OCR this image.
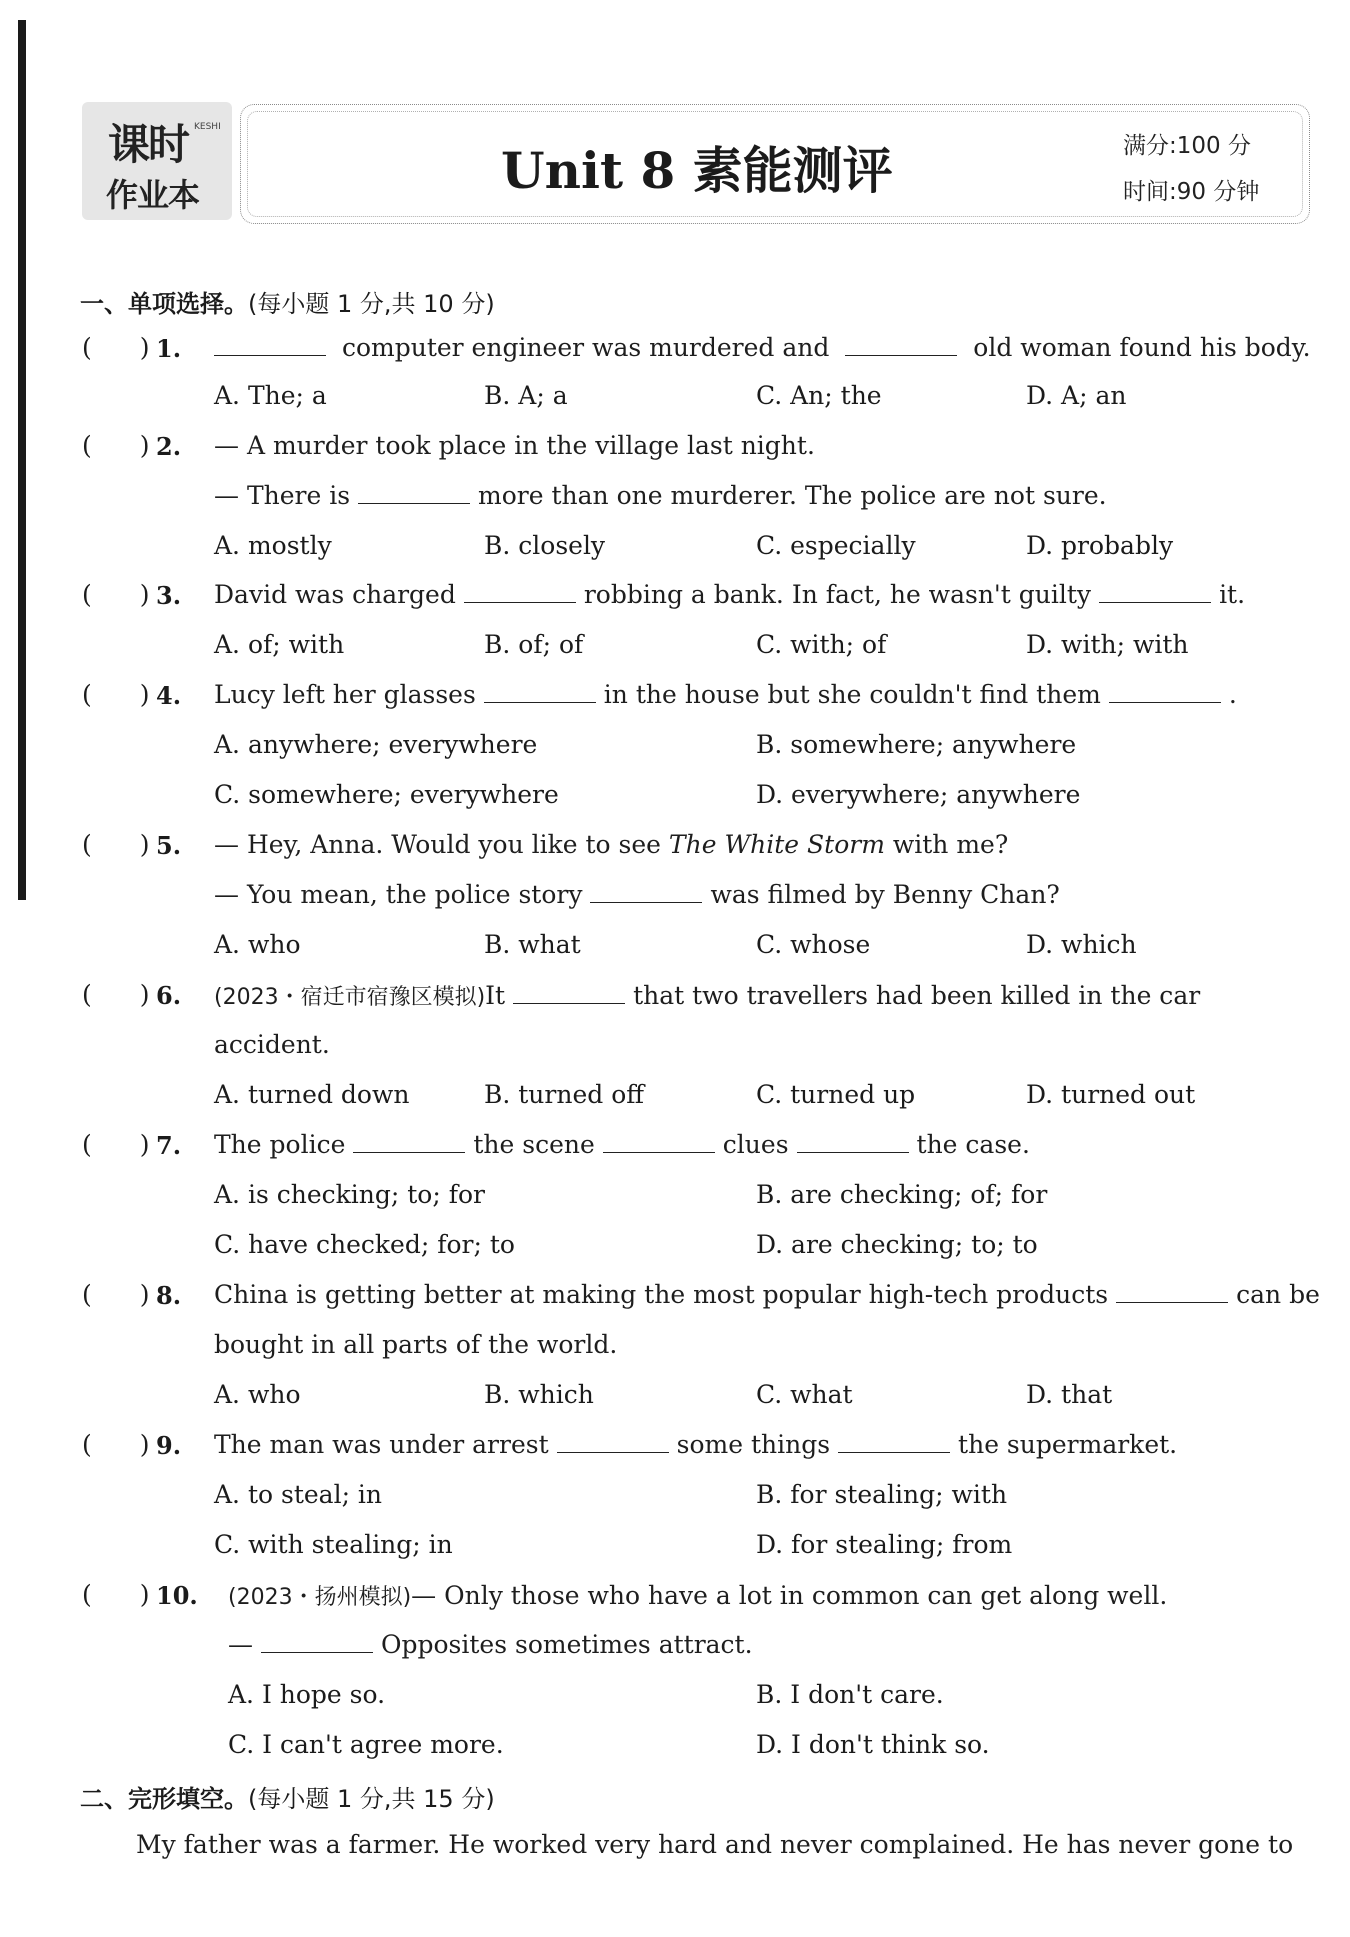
课时 KESHI
作业本	Unit 8 素能测评	满分:100 分
时间:90 分钟
一、单项选择。(每小题 1 分,共 10 分)
( ) 1.	computer engineer was murdered and	old woman found his body.
A. The; a	B. A; a	C. An; the	D. A; an
( ) 2. — A murder took place in the village last night.
— There is	more than one murderer. The police are not sure.
A. mostly	B. closely	C. especially	D. probably
( ) 3. David was charged	robbing a bank. In fact, he wasn't guilty	it.
A. of; with	B. of; of	C. with; of	D. with; with
( ) 4. Lucy left her glasses	in the house but she couldn't find them	.
A. anywhere; everywhere	B. somewhere; anywhere
C. somewhere; everywhere	D. everywhere; anywhere
( ) 5. — Hey, Anna. Would you like to see The White Storm with me?
— You mean, the police story	was filmed by Benny Chan?
A. who	B. what	C. whose	D. which
( ) 6. (2023・宿迁市宿豫区模拟)It	that two travellers had been killed in the car
accident.
A. turned down	B. turned off	C. turned up	D. turned out
( ) 7. The police	the scene	clues	the case.
A. is checking; to; for	B. are checking; of; for
C. have checked; for; to	D. are checking; to; to
( ) 8. China is getting better at making the most popular high-tech products	can be
bought in all parts of the world.
A. who	B. which	C. what	D. that
( ) 9. The man was under arrest	some things	the supermarket.
A. to steal; in	B. for stealing; with
C. with stealing; in	D. for stealing; from
( ) 10. (2023・扬州模拟)— Only those who have a lot in common can get along well.
—	Opposites sometimes attract.
A. I hope so.	B. I don't care.
C. I can't agree more.	D. I don't think so.
二、完形填空。(每小题 1 分,共 15 分)
My father was a farmer. He worked very hard and never complained. He has never gone to
